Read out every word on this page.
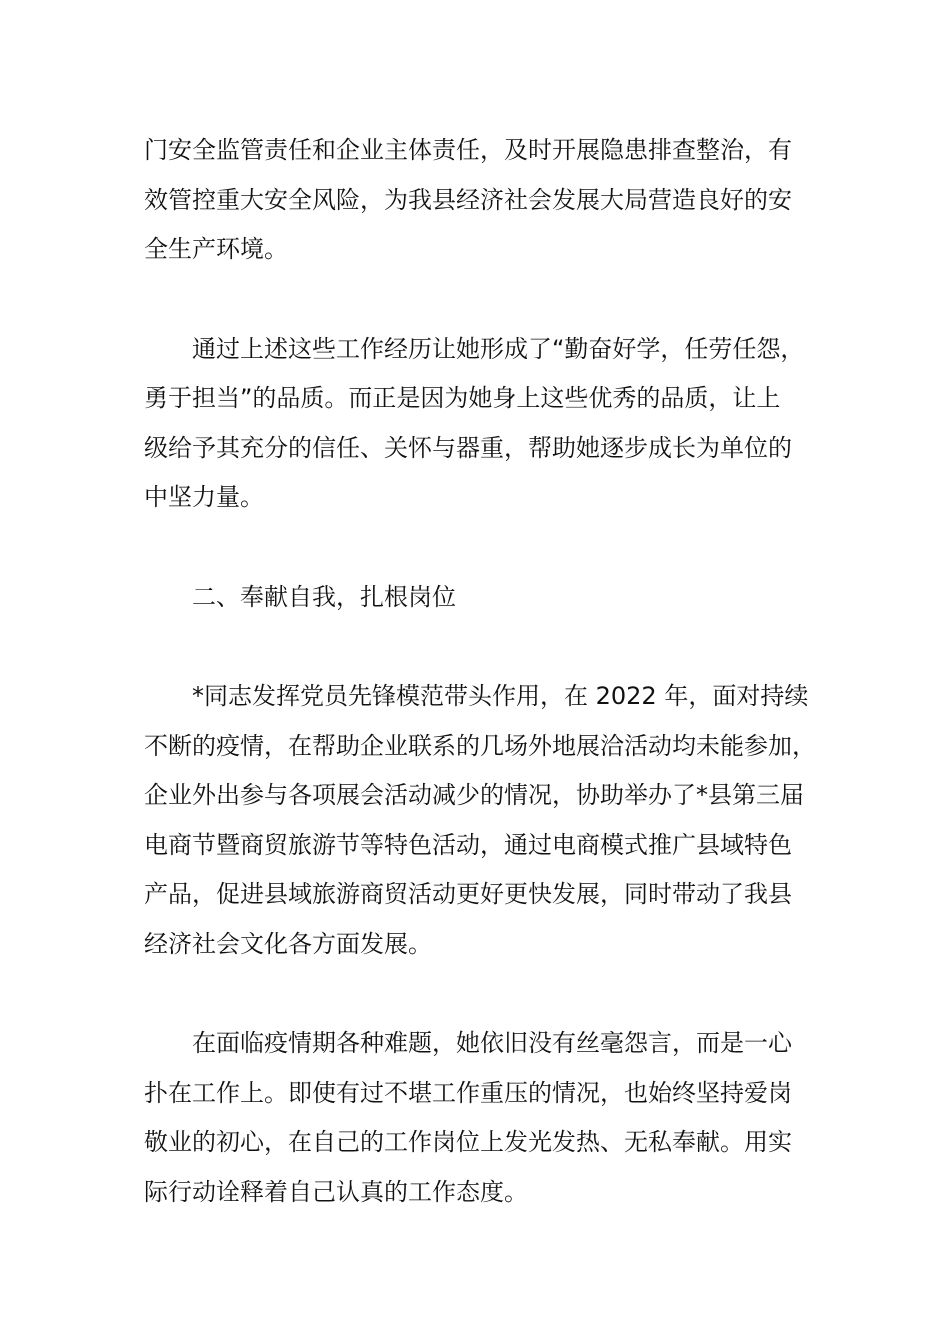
门安全监管责任和企业主体责任，及时开展隐患排查整治，有
效管控重大安全风险，为我县经济社会发展大局营造良好的安
全生产环境。

通过上述这些工作经历让她形成了“勤奋好学，任劳任怨，
勇于担当”的品质。而正是因为她身上这些优秀的品质，让上
级给予其充分的信任、关怀与器重，帮助她逐步成长为单位的
中坚力量。

二、奉献自我，扎根岗位

*同志发挥党员先锋模范带头作用，在 2022 年，面对持续
不断的疫情，在帮助企业联系的几场外地展洽活动均未能参加，
企业外出参与各项展会活动减少的情况，协助举办了*县第三届
电商节暨商贸旅游节等特色活动，通过电商模式推广县域特色
产品，促进县域旅游商贸活动更好更快发展，同时带动了我县
经济社会文化各方面发展。

在面临疫情期各种难题，她依旧没有丝毫怨言，而是一心
扑在工作上。即使有过不堪工作重压的情况，也始终坚持爱岗
敬业的初心，在自己的工作岗位上发光发热、无私奉献。用实
际行动诠释着自己认真的工作态度。
